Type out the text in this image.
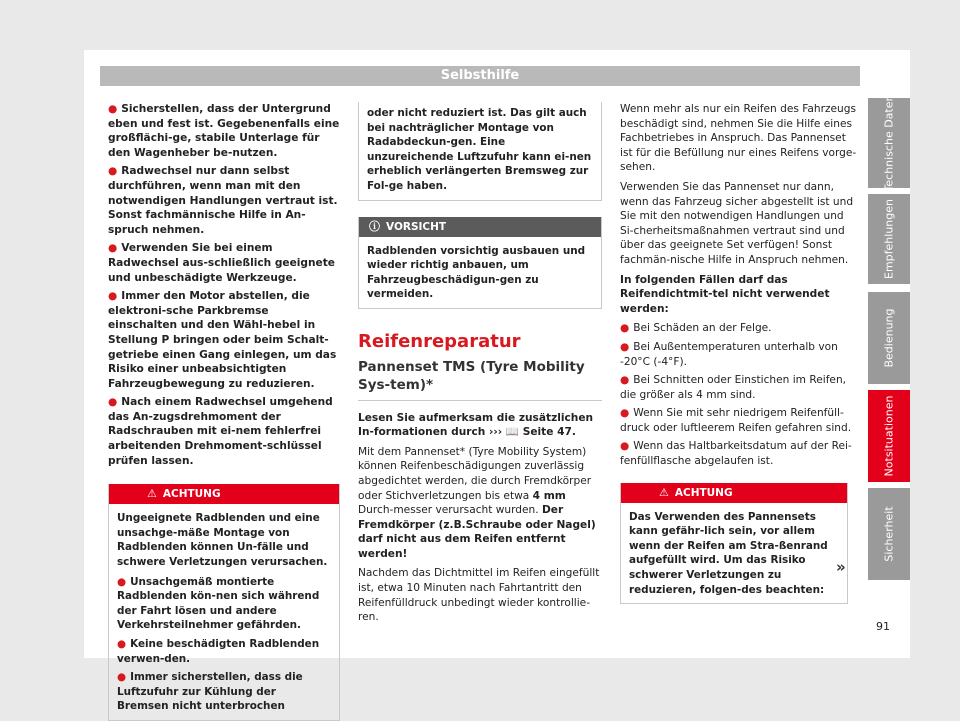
Selbsthilfe

● Sicherstellen, dass der Untergrund eben und fest ist. Gegebenenfalls eine großflächi-ge, stabile Unterlage für den Wagenheber be-nutzen.

● Radwechsel nur dann selbst durchführen, wenn man mit den notwendigen Handlungen vertraut ist. Sonst fachmännische Hilfe in An-spruch nehmen.

● Verwenden Sie bei einem Radwechsel aus-schließlich geeignete und unbeschädigte Werkzeuge.

● Immer den Motor abstellen, die elektroni-sche Parkbremse einschalten und den Wähl-hebel in Stellung P bringen oder beim Schalt-getriebe einen Gang einlegen, um das Risiko einer unbeabsichtigten Fahrzeugbewegung zu reduzieren.

● Nach einem Radwechsel umgehend das An-zugsdrehmoment der Radschrauben mit ei-nem fehlerfrei arbeitenden Drehmoment-schlüssel prüfen lassen.

⚠ ACHTUNG

Ungeeignete Radblenden und eine unsachge-mäße Montage von Radblenden können Un-fälle und schwere Verletzungen verursachen.

● Unsachgemäß montierte Radblenden kön-nen sich während der Fahrt lösen und andere Verkehrsteilnehmer gefährden.

● Keine beschädigten Radblenden verwen-den.

● Immer sicherstellen, dass die Luftzufuhr zur Kühlung der Bremsen nicht unterbrochen

oder nicht reduziert ist. Das gilt auch bei nachträglicher Montage von Radabdeckun-gen. Eine unzureichende Luftzufuhr kann ei-nen erheblich verlängerten Bremsweg zur Fol-ge haben.
ⓘ VORSICHT
Radblenden vorsichtig ausbauen und wieder richtig anbauen, um Fahrzeugbeschädigun-gen zu vermeiden.

Reifenreparatur

Pannenset TMS (Tyre Mobility Sys-tem)*

Lesen Sie aufmerksam die zusätzlichen In-formationen durch ››› 📖 Seite 47.

Mit dem Pannenset* (Tyre Mobility System) können Reifenbeschädigungen zuverlässig abgedichtet werden, die durch Fremdkörper oder Stichverletzungen bis etwa 4 mm Durch-messer verursacht wurden. Der Fremdkörper (z.B.Schraube oder Nagel) darf nicht aus dem Reifen entfernt werden!

Nachdem das Dichtmittel im Reifen eingefüllt ist, etwa 10 Minuten nach Fahrtantritt den Reifenfülldruck unbedingt wieder kontrollie-ren.

Wenn mehr als nur ein Reifen des Fahrzeugs beschädigt sind, nehmen Sie die Hilfe eines Fachbetriebes in Anspruch. Das Pannenset ist für die Befüllung nur eines Reifens vorge-sehen.

Verwenden Sie das Pannenset nur dann, wenn das Fahrzeug sicher abgestellt ist und Sie mit den notwendigen Handlungen und Si-cherheitsmaßnahmen vertraut sind und über das geeignete Set verfügen! Sonst fachmän-nische Hilfe in Anspruch nehmen.

In folgenden Fällen darf das Reifendichtmit-tel nicht verwendet werden:

● Bei Schäden an der Felge.

● Bei Außentemperaturen unterhalb von -20°C (-4°F).

● Bei Schnitten oder Einstichen im Reifen, die größer als 4 mm sind.

● Wenn Sie mit sehr niedrigem Reifenfüll-druck oder luftleerem Reifen gefahren sind.

● Wenn das Haltbarkeitsdatum auf der Rei-fenfüllflasche abgelaufen ist.

⚠ ACHTUNG
Das Verwenden des Pannensets kann gefähr-lich sein, vor allem wenn der Reifen am Stra-ßenrand aufgefüllt wird. Um das Risiko schwerer Verletzungen zu reduzieren, folgen-des beachten:
»
Technische Daten
Empfehlungen
Bedienung
Notsituationen
Sicherheit
91
